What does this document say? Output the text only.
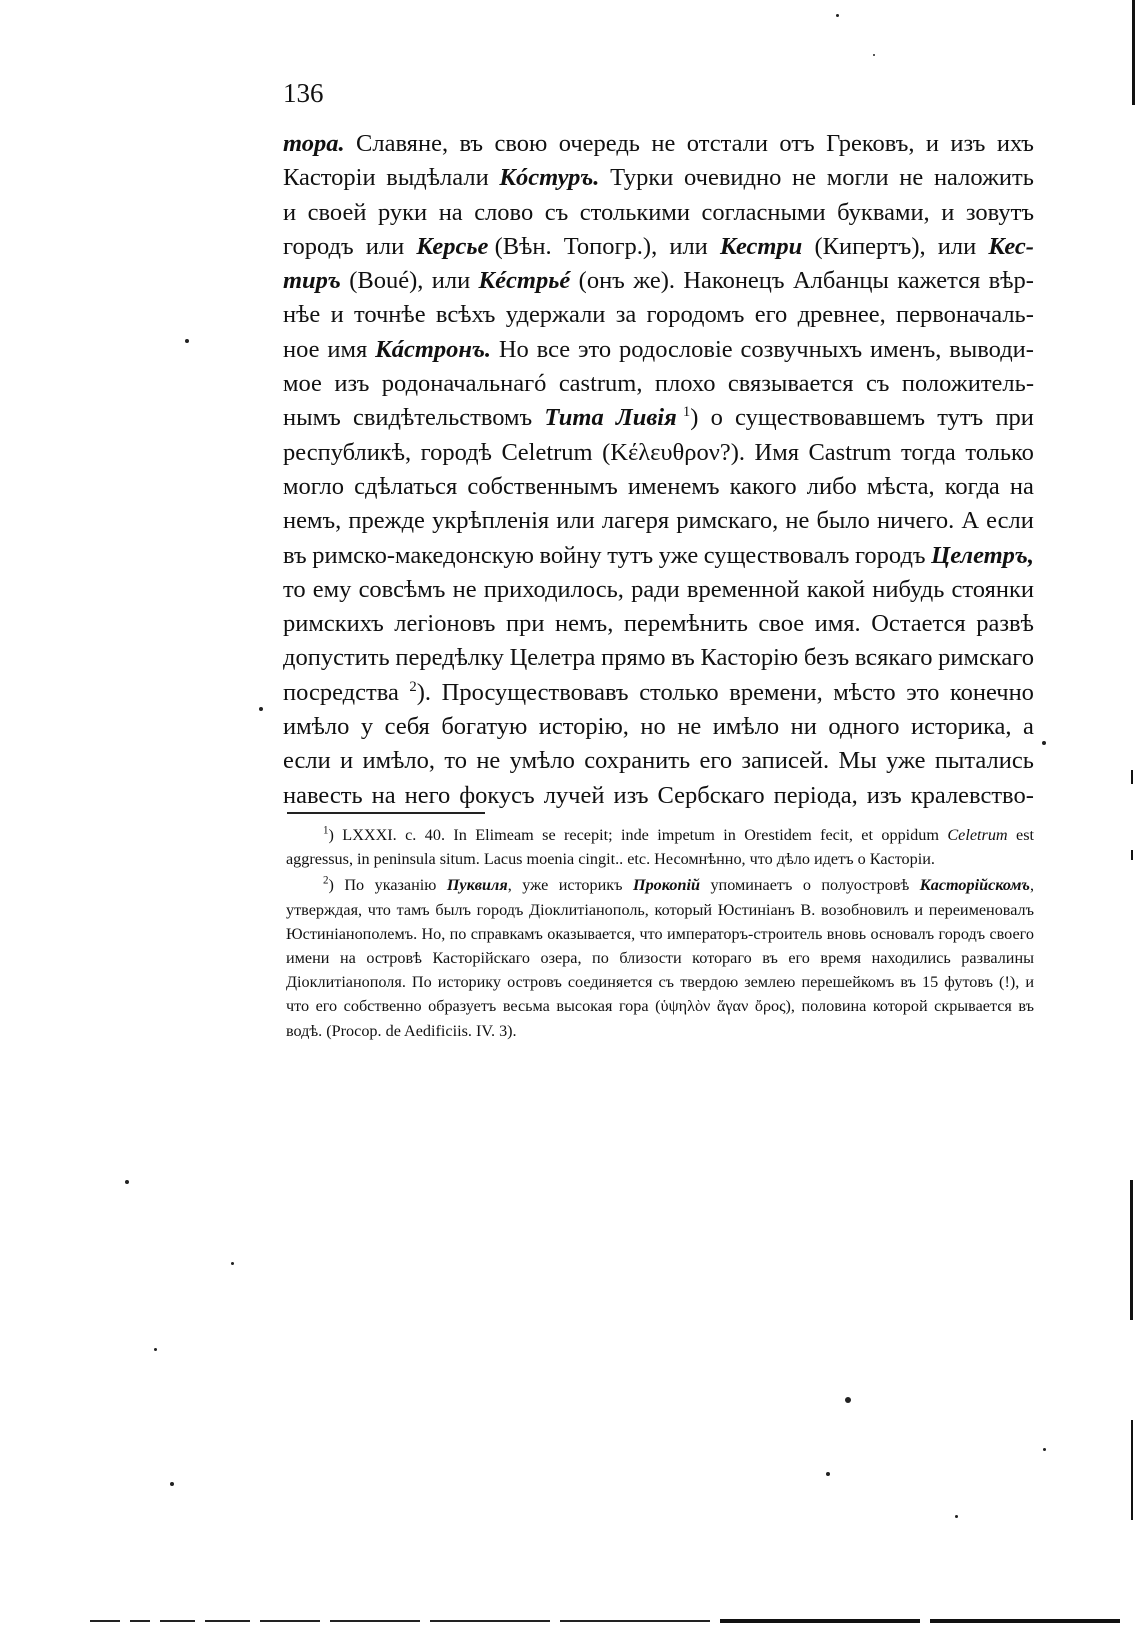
136
тора. Славяне, въ свою очередь не отстали отъ Грековъ, и изъ ихъ
Касторіи выдѣлали Кóстуръ. Турки очевидно не могли не наложить
и своей руки на слово съ столькими согласными буквами, и зовутъ
городъ или Керсье (Вѣн. Топогр.), или Кестри (Кипертъ), или Кес-
тиръ (Boué), или Кéстрьé (онъ же). Наконецъ Албанцы кажется вѣр-
нѣе и точнѣе всѣхъ удержали за городомъ его древнее, первоначаль-
ное имя Кáстронъ. Но все это родословіе созвучныхъ именъ, выводи-
мое изъ родоначальнагó castrum, плохо связывается съ положитель-
нымъ свидѣтельствомъ Тита Ливія $^1$) о существовавшемъ тутъ при
республикѣ, городѣ Celetrum (Κέλευθρον?). Имя Castrum тогда только
могло сдѣлаться собственнымъ именемъ какого либо мѣста, когда на
немъ, прежде укрѣпленія или лагеря римскаго, не было ничего. А если
въ римско-македонскую войну тутъ уже существовалъ городъ Целетръ,
то ему совсѣмъ не приходилось, ради временной какой нибудь стоянки
римскихъ легіоновъ при немъ, перемѣнить свое имя. Остается развѣ
допустить передѣлку Целетра прямо въ Касторію безъ всякаго римскаго
посредства $^2$). Просуществовавъ столько времени, мѣсто это конечно
имѣло у себя богатую исторію, но не имѣло ни одного историка, а
если и имѣло, то не умѣло сохранить его записей. Мы уже пытались
навесть на него фокусъ лучей изъ Сербскаго періода, изъ кралевство-

$^1$) LXXXI. c. 40. In Elimeam se recepit; inde impetum in Orestidem fecit, et oppidum Celetrum est aggressus, in peninsula situm. Lacus moenia cingit.. etc. Несомнѣнно, что дѣло идетъ о Касторіи.

$^2$) По указанію Пуквиля, уже историкъ Прокопій упоминаетъ о полуостровѣ Касторійскомъ, утверждая, что тамъ былъ городъ Діоклитіанополь, который Юстиніанъ В. возобновилъ и переименовалъ Юстиніанополемъ. Но, по справкамъ оказывается, что императоръ-строитель вновь основалъ городъ своего имени на островѣ Касторійскаго озера, по близости котораго въ его время находились развалины Діоклитіанополя. По историку островъ соединяется съ твердою землею перешейкомъ въ 15 футовъ (!), и что его собственно образуетъ весьма высокая гора (ὑψηλὸν ἄγαν ὄρος), половина которой скрывается въ водѣ. (Procop. de Aedificiis. IV. 3).
